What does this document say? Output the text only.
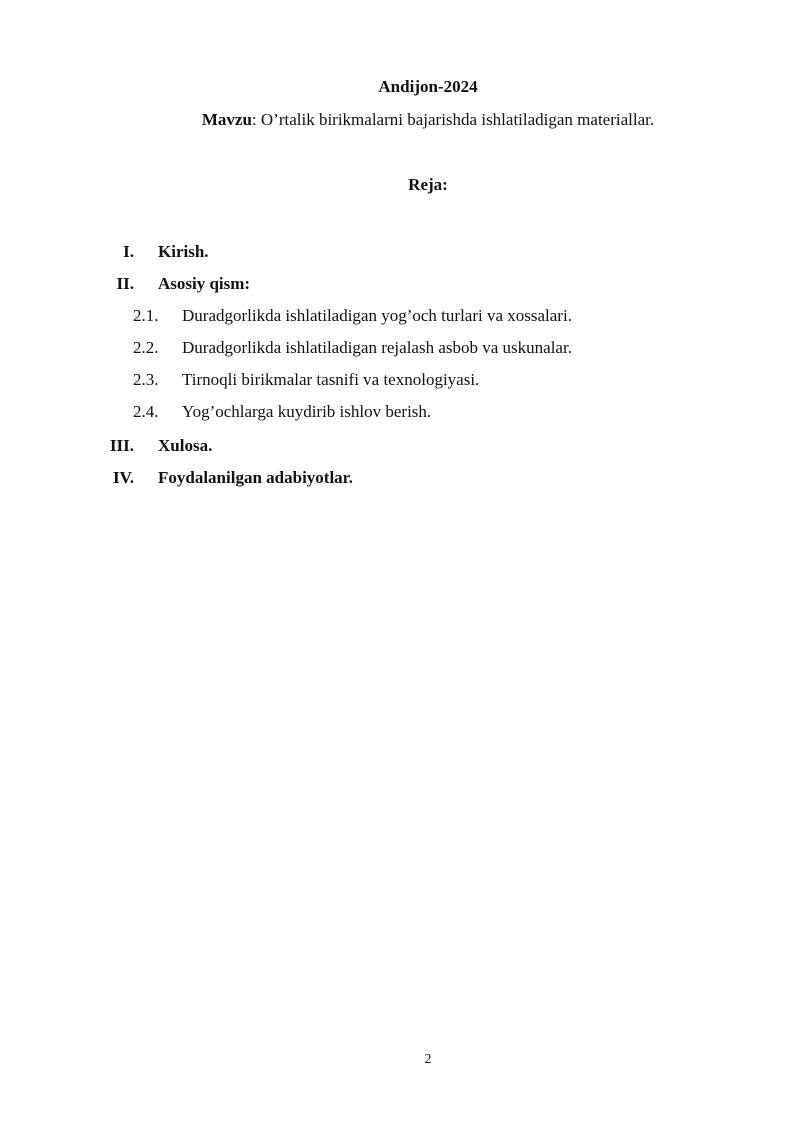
Andijon-2024
Mavzu: O’rtalik birikmalarni bajarishda ishlatiladigan materiallar.
Reja:
I. Kirish.
II. Asosiy qism:
2.1. Duradgorlikda ishlatiladigan yog’och turlari va xossalari.
2.2. Duradgorlikda ishlatiladigan rejalash asbob va uskunalar.
2.3. Tirnoqli birikmalar tasnifi va texnologiyasi.
2.4. Yog’ochlarga kuydirib ishlov berish.
III. Xulosa.
IV. Foydalanilgan adabiyotlar.
2
